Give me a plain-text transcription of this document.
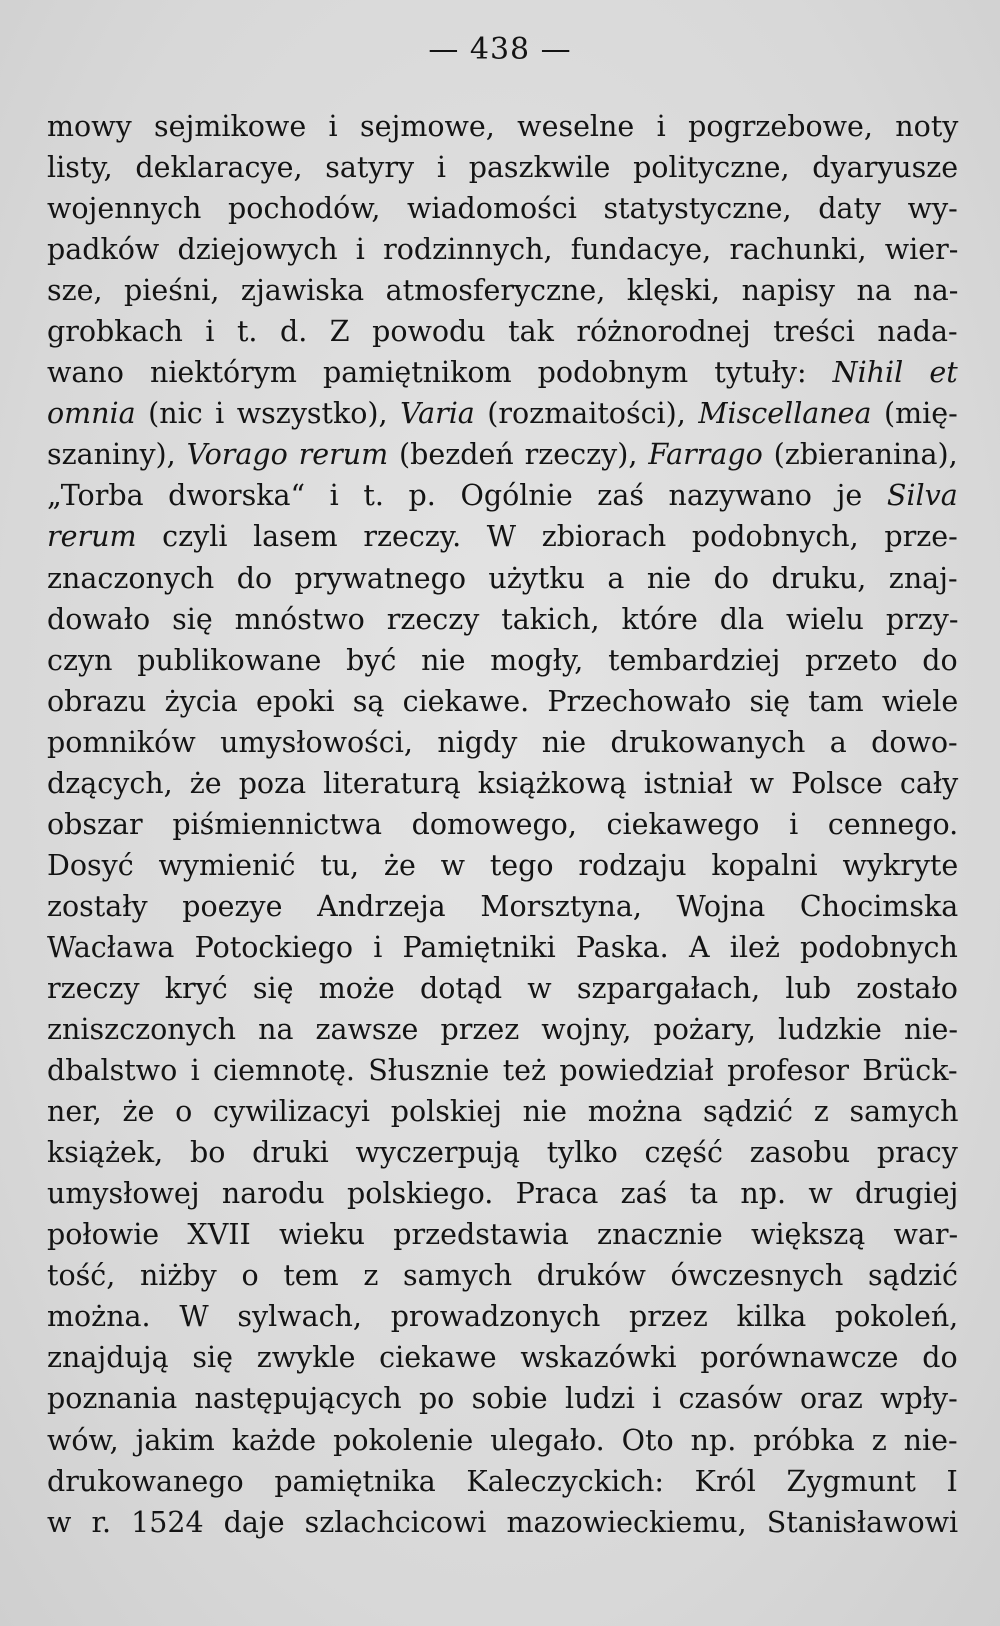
— 438 —
mowy sejmikowe i sejmowe, weselne i pogrzebowe, noty
listy, deklaracye, satyry i paszkwile polityczne, dyaryusze
wojennych pochodów, wiadomości statystyczne, daty wy-
padków dziejowych i rodzinnych, fundacye, rachunki, wier-
sze, pieśni, zjawiska atmosferyczne, klęski, napisy na na-
grobkach i t. d. Z powodu tak różnorodnej treści nada-
wano niektórym pamiętnikom podobnym tytuły: Nihil et
omnia (nic i wszystko), Varia (rozmaitości), Miscellanea (mię-
szaniny), Vorago rerum (bezdeń rzeczy), Farrago (zbieranina),
„Torba dworska“ i t. p. Ogólnie zaś nazywano je Silva
rerum czyli lasem rzeczy. W zbiorach podobnych, prze-
znaczonych do prywatnego użytku a nie do druku, znaj-
dowało się mnóstwo rzeczy takich, które dla wielu przy-
czyn publikowane być nie mogły, tembardziej przeto do
obrazu życia epoki są ciekawe. Przechowało się tam wiele
pomników umysłowości, nigdy nie drukowanych a dowo-
dzących, że poza literaturą książkową istniał w Polsce cały
obszar piśmiennictwa domowego, ciekawego i cennego.
Dosyć wymienić tu, że w tego rodzaju kopalni wykryte
zostały poezye Andrzeja Morsztyna, Wojna Chocimska
Wacława Potockiego i Pamiętniki Paska. A ileż podobnych
rzeczy kryć się może dotąd w szpargałach, lub zostało
zniszczonych na zawsze przez wojny, pożary, ludzkie nie-
dbalstwo i ciemnotę. Słusznie też powiedział profesor Brück-
ner, że o cywilizacyi polskiej nie można sądzić z samych
książek, bo druki wyczerpują tylko część zasobu pracy
umysłowej narodu polskiego. Praca zaś ta np. w drugiej
połowie XVII wieku przedstawia znacznie większą war-
tość, niżby o tem z samych druków ówczesnych sądzić
można. W sylwach, prowadzonych przez kilka pokoleń,
znajdują się zwykle ciekawe wskazówki porównawcze do
poznania następujących po sobie ludzi i czasów oraz wpły-
wów, jakim każde pokolenie ulegało. Oto np. próbka z nie-
drukowanego pamiętnika Kaleczyckich: Król Zygmunt I
w r. 1524 daje szlachcicowi mazowieckiemu, Stanisławowi
